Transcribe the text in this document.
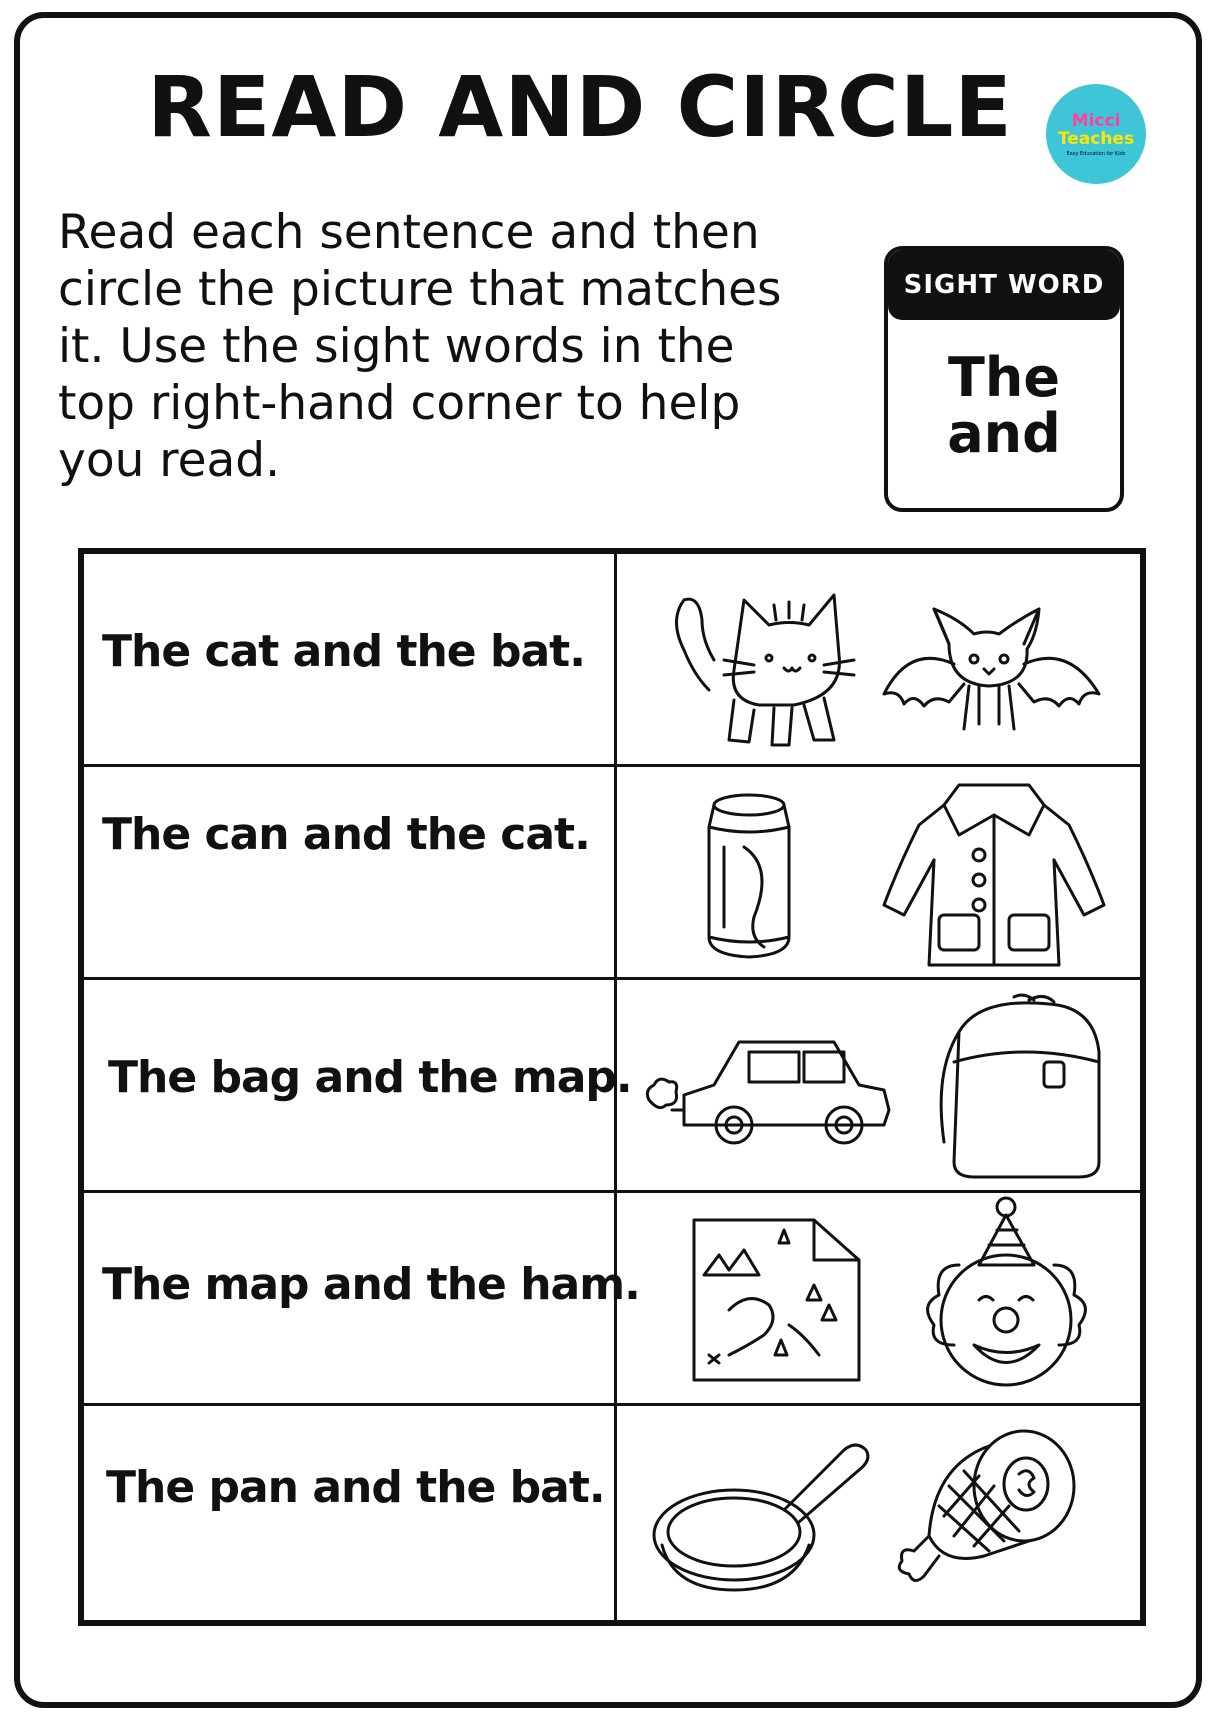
READ AND CIRCLE	Micci
Teaches
Easy Education for Kids
Read each sentence and then circle the picture that matches it. Use the sight words in the top right-hand corner to help you read.
SIGHT WORD
The
and
The cat and the bat.
The can and the cat.
The bag and the map.
The map and the ham.
The pan and the bat.
